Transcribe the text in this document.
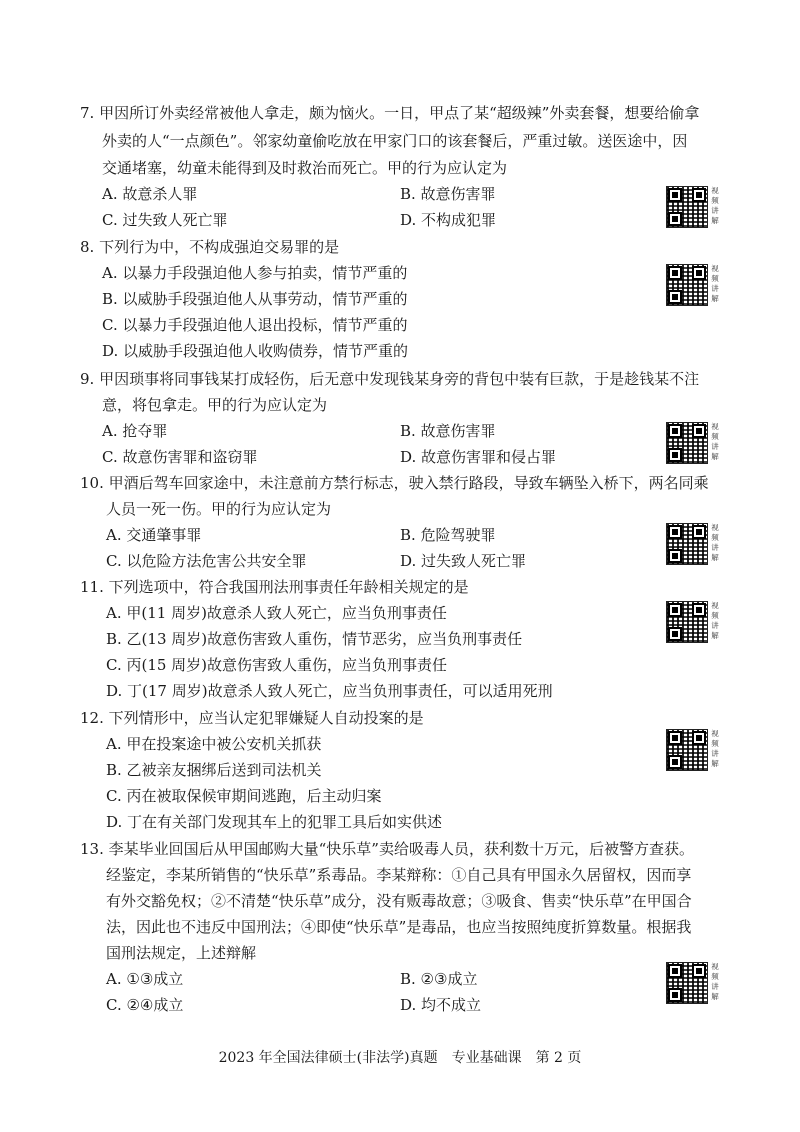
7. 甲因所订外卖经常被他人拿走，颇为恼火。一日，甲点了某“超级辣”外卖套餐，想要给偷拿
外卖的人“一点颜色”。邻家幼童偷吃放在甲家门口的该套餐后，严重过敏。送医途中，因
交通堵塞，幼童未能得到及时救治而死亡。甲的行为应认定为
A. 故意杀人罪	B. 故意伤害罪
C. 过失致人死亡罪	D. 不构成犯罪
视频讲解
8. 下列行为中，不构成强迫交易罪的是
A. 以暴力手段强迫他人参与拍卖，情节严重的
B. 以威胁手段强迫他人从事劳动，情节严重的
C. 以暴力手段强迫他人退出投标，情节严重的
D. 以威胁手段强迫他人收购债券，情节严重的
视频讲解
9. 甲因琐事将同事钱某打成轻伤，后无意中发现钱某身旁的背包中装有巨款，于是趁钱某不注
意，将包拿走。甲的行为应认定为
A. 抢夺罪	B. 故意伤害罪
C. 故意伤害罪和盗窃罪	D. 故意伤害罪和侵占罪
视频讲解
10. 甲酒后驾车回家途中，未注意前方禁行标志，驶入禁行路段，导致车辆坠入桥下，两名同乘
人员一死一伤。甲的行为应认定为
A. 交通肇事罪	B. 危险驾驶罪
C. 以危险方法危害公共安全罪	D. 过失致人死亡罪
视频讲解
11. 下列选项中，符合我国刑法刑事责任年龄相关规定的是
A. 甲(11 周岁)故意杀人致人死亡，应当负刑事责任
B. 乙(13 周岁)故意伤害致人重伤，情节恶劣，应当负刑事责任
C. 丙(15 周岁)故意伤害致人重伤，应当负刑事责任
D. 丁(17 周岁)故意杀人致人死亡，应当负刑事责任，可以适用死刑
视频讲解
12. 下列情形中，应当认定犯罪嫌疑人自动投案的是
A. 甲在投案途中被公安机关抓获
B. 乙被亲友捆绑后送到司法机关
C. 丙在被取保候审期间逃跑，后主动归案
D. 丁在有关部门发现其车上的犯罪工具后如实供述
视频讲解
13. 李某毕业回国后从甲国邮购大量“快乐草”卖给吸毒人员，获利数十万元，后被警方查获。
经鉴定，李某所销售的“快乐草”系毒品。李某辩称：①自己具有甲国永久居留权，因而享
有外交豁免权；②不清楚“快乐草”成分，没有贩毒故意；③吸食、售卖“快乐草”在甲国合
法，因此也不违反中国刑法；④即使“快乐草”是毒品，也应当按照纯度折算数量。根据我
国刑法规定，上述辩解
A. ①③成立	B. ②③成立
C. ②④成立	D. 均不成立
视频讲解
2023 年全国法律硕士(非法学)真题　专业基础课　第 2 页
